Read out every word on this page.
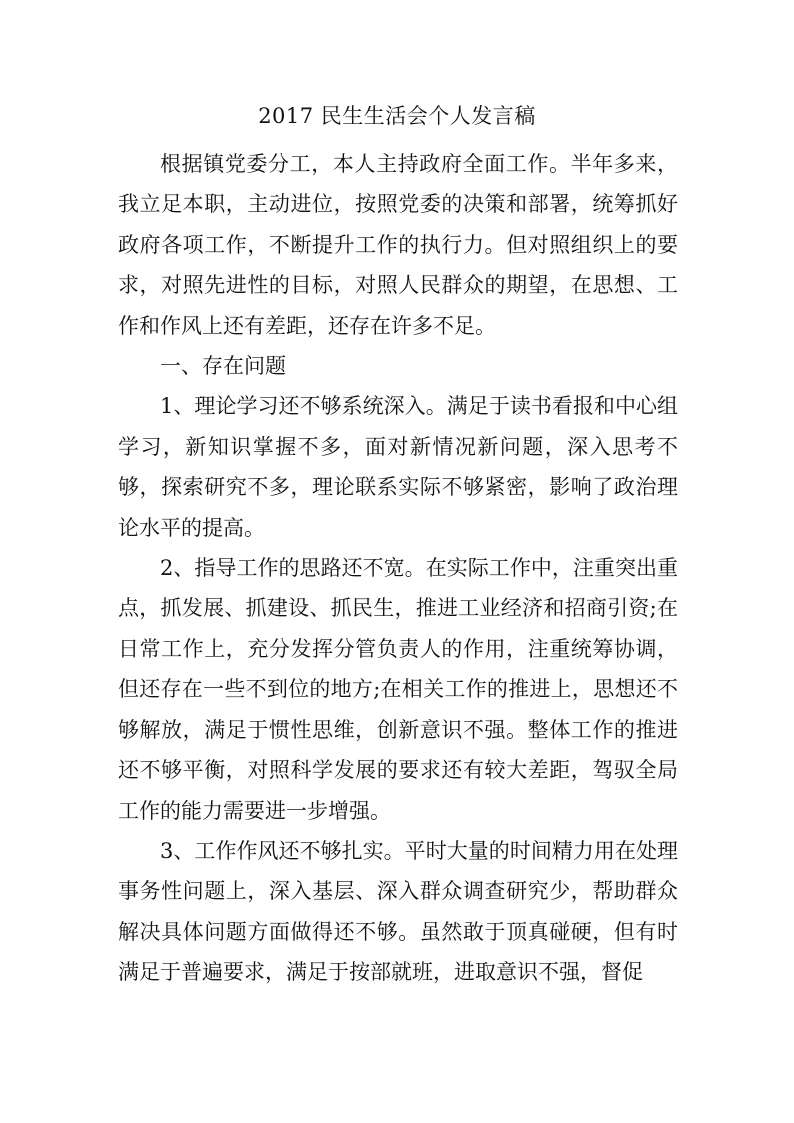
2017 民生生活会个人发言稿

根据镇党委分工，本人主持政府全面工作。半年多来，我立足本职，主动进位，按照党委的决策和部署，统筹抓好政府各项工作，不断提升工作的执行力。但对照组织上的要求，对照先进性的目标，对照人民群众的期望，在思想、工作和作风上还有差距，还存在许多不足。

一、存在问题

1、理论学习还不够系统深入。满足于读书看报和中心组学习，新知识掌握不多，面对新情况新问题，深入思考不够，探索研究不多，理论联系实际不够紧密，影响了政治理论水平的提高。

2、指导工作的思路还不宽。在实际工作中，注重突出重点，抓发展、抓建设、抓民生，推进工业经济和招商引资;在日常工作上，充分发挥分管负责人的作用，注重统筹协调，但还存在一些不到位的地方;在相关工作的推进上，思想还不够解放，满足于惯性思维，创新意识不强。整体工作的推进还不够平衡，对照科学发展的要求还有较大差距，驾驭全局工作的能力需要进一步增强。

3、工作作风还不够扎实。平时大量的时间精力用在处理事务性问题上，深入基层、深入群众调查研究少，帮助群众解决具体问题方面做得还不够。虽然敢于顶真碰硬，但有时满足于普遍要求，满足于按部就班，进取意识不强，督促
